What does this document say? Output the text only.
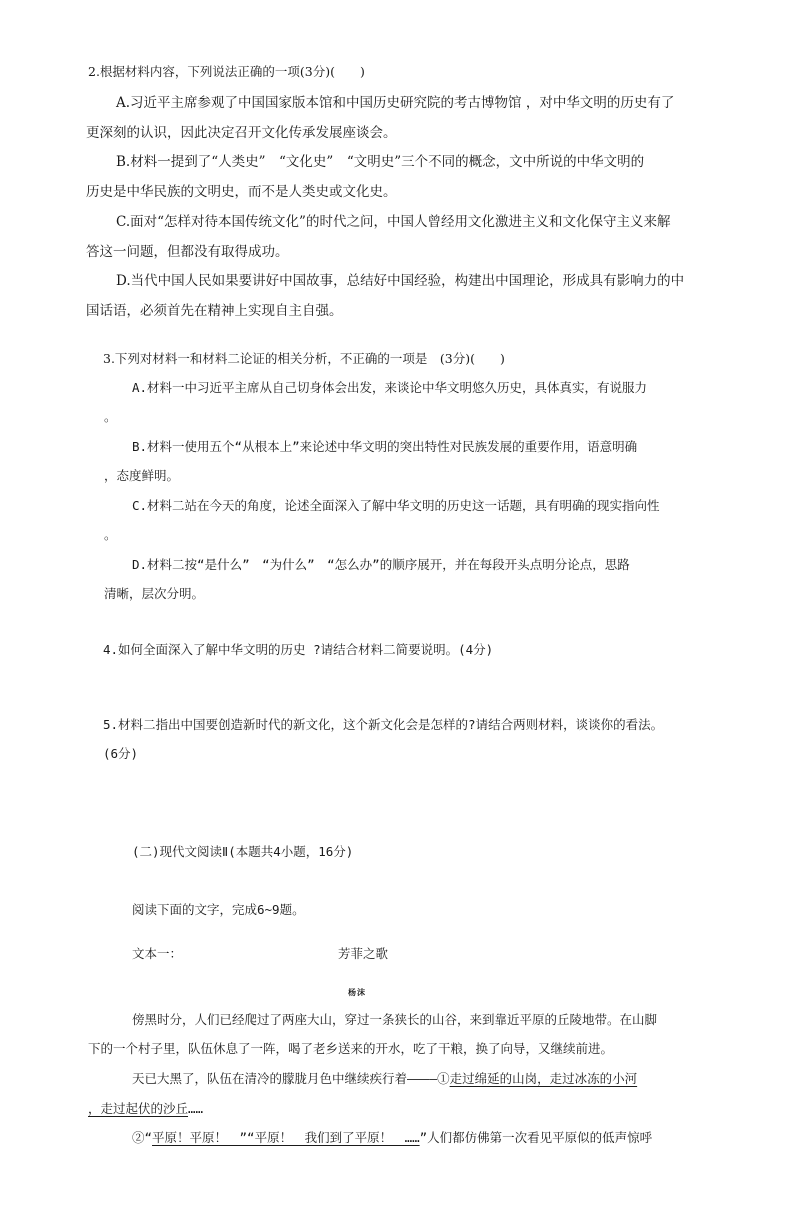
2.根据材料内容，下列说法正确的一项(3分)(　　)
A.习近平主席参观了中国国家版本馆和中国历史研究院的考古博物馆 ，对中华文明的历史有了
更深刻的认识，因此决定召开文化传承发展座谈会。
B.材料一提到了“人类史”　“文化史”　“文明史”三个不同的概念，文中所说的中华文明的
历史是中华民族的文明史，而不是人类史或文化史。
C.面对“怎样对待本国传统文化”的时代之问，中国人曾经用文化激进主义和文化保守主义来解
答这一问题，但都没有取得成功。
D.当代中国人民如果要讲好中国故事，总结好中国经验，构建出中国理论，形成具有影响力的中
国话语，必须首先在精神上实现自主自强。
3.下列对材料一和材料二论证的相关分析，不正确的一项是　(3分)(　　)
A.材料一中习近平主席从自己切身体会出发，来谈论中华文明悠久历史，具体真实，有说服力
。
B.材料一使用五个“从根本上”来论述中华文明的突出特性对民族发展的重要作用，语意明确
，态度鲜明。
C.材料二站在今天的角度，论述全面深入了解中华文明的历史这一话题，具有明确的现实指向性
。
D.材料二按“是什么”　“为什么”　“怎么办”的顺序展开，并在每段开头点明分论点，思路
清晰，层次分明。
4.如何全面深入了解中华文明的历史 ?请结合材料二简要说明。(4分)
5.材料二指出中国要创造新时代的新文化，这个新文化会是怎样的?请结合两则材料，谈谈你的看法。
(6分)
(二)现代文阅读Ⅱ(本题共4小题，16分)
阅读下面的文字，完成6~9题。
文本一：	芳菲之歌
杨沫
傍黑时分，人们已经爬过了两座大山，穿过一条狭长的山谷，来到靠近平原的丘陵地带。在山脚
下的一个村子里，队伍休息了一阵，喝了老乡送来的开水，吃了干粮，换了向导，又继续前进。
天已大黑了，队伍在清冷的朦胧月色中继续疾行着————①走过绵延的山岗，走过冰冻的小河
，走过起伏的沙丘……
②“平原！平原！　”“平原！　我们到了平原！　……”人们都仿佛第一次看见平原似的低声惊呼
